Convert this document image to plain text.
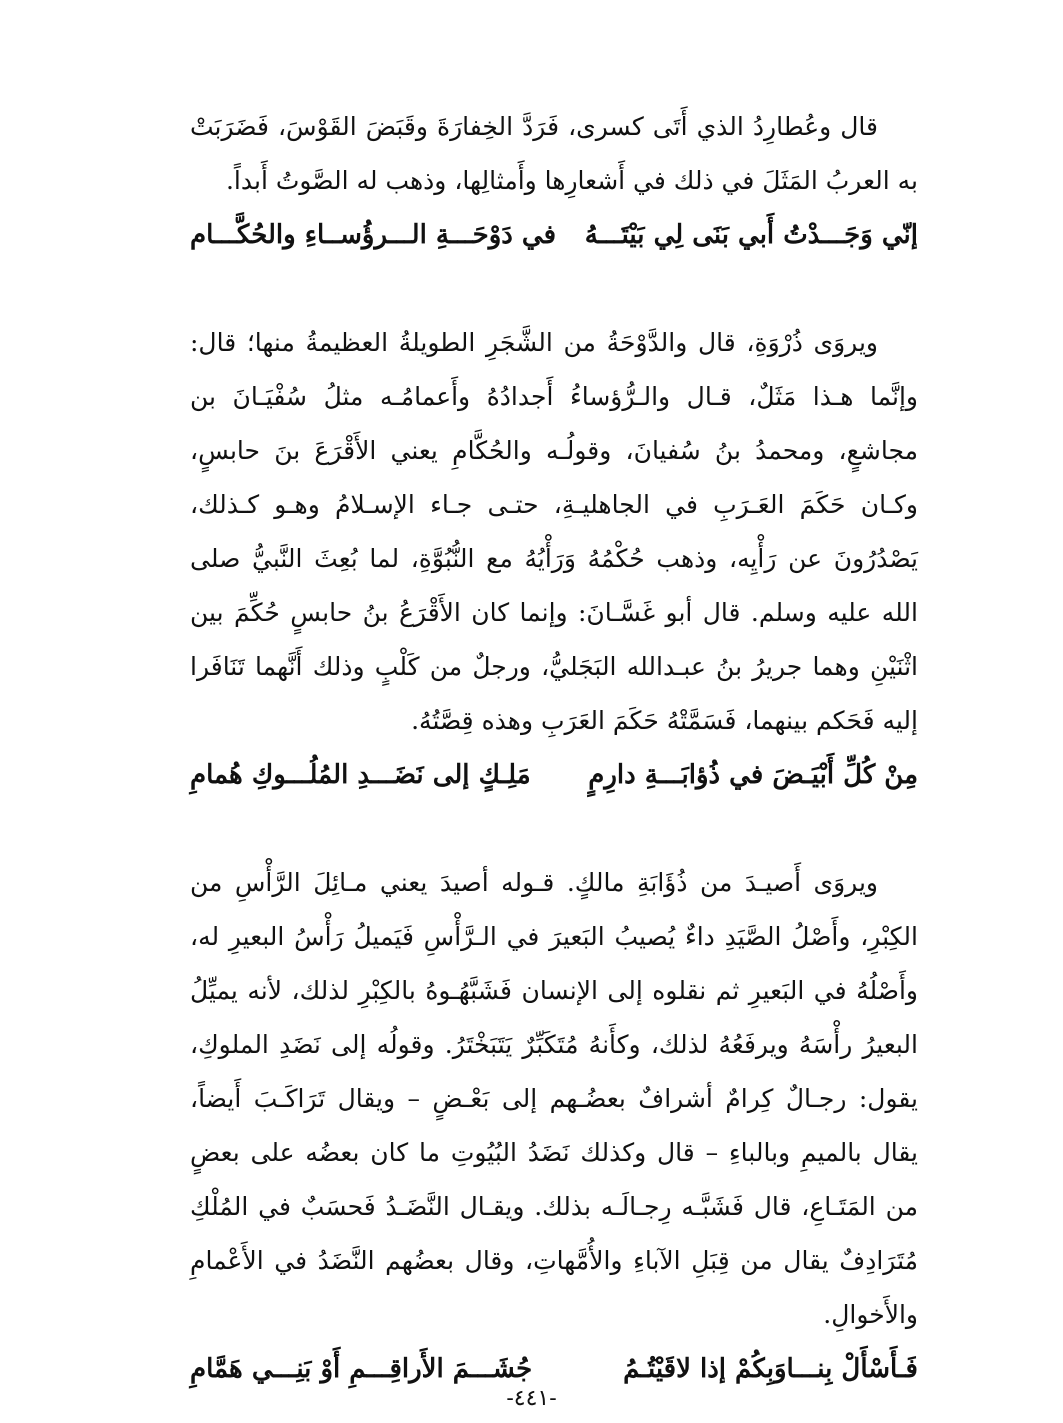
قال وعُطارِدُ الذي أَتَى كسرى، فَرَدَّ الخِفارَةَ وقَبَضَ القَوْسَ، فَضَرَبَتْ به العربُ المَثَلَ في ذلك في أَشعارِها وأَمثالِها، وذهب له الصَّوتُ أَبداً.

إنّي وَجَـــدْتُ أَبي بَنَى لِي بَيْتَـــهُ
في دَوْحَـــةِ الـــرؤُســاءِ والحُكَّـــام

ويروَى ذُرْوَةِ، قال والدَّوْحَةُ من الشَّجَرِ الطويلةُ العظيمةُ منها؛ قال: وإنَّما هـذا مَثَلٌ، قـال والـرُّؤساءُ أَجدادُهُ وأَعمامُـه مثلُ سُفْيَـانَ بن مجاشعٍ، ومحمدُ بنُ سُفيانَ، وقولُـه والحُكَّامِ يعني الأَقْرَعَ بنَ حابسٍ، وكـان حَكَمَ العَـرَبِ في الجاهليـةِ، حتـى جـاء الإسـلامُ وهـو كـذلك، يَصْدُرُونَ عن رَأْيِه، وذهب حُكْمُهُ وَرَأْيُهُ مع النُّبُوَّةِ، لما بُعِثَ النَّبيُّ صلى الله عليه وسلم. قال أبو غَسَّـانَ: وإنما كان الأَقْرَعُ بنُ حابسٍ حُكِّمَ بين اثْنَيْنِ وهما جريرُ بنُ عبـدالله البَجَليُّ، ورجلٌ من كَلْبٍ وذلك أَنَّهما تَنَافَرا إليه فَحَكم بينهما، فَسَمَّتْهُ حَكَمَ العَرَبِ وهذه قِصَّتُهُ.

مِنْ كُلِّ أَبْيَـضَ في ذُؤابَـــةِ دارِمٍ
مَلِـكٍ إلى نَضَـــدِ المُلُـــوكِ هُمامِ

ويروَى أَصيـدَ من ذُؤَابَةِ مالكٍ. قـوله أصيدَ يعني مـائِلَ الرَّأْسِ من الكِبْرِ، وأَصْلُ الصَّيَدِ داءٌ يُصيبُ البَعيرَ في الـرَّأْسِ فَيَميلُ رَأْسُ البعيرِ له، وأَصْلُهُ في البَعيرِ ثم نقلوه إلى الإنسان فَشَبَّهُـوهُ بالكِبْرِ لذلك، لأنه يميِّلُ البعيرُ رأْسَهُ ويرفَعُهُ لذلك، وكأَنهُ مُتَكَبِّرٌ يَتَبَخْتَرُ. وقولُه إلى نَضَدِ الملوكِ، يقول: رجـالٌ كِرامٌ أشرافٌ بعضُـهم إلى بَعْـضٍ – ويقال تَرَاكَـبَ أَيضاً، يقال بالميمِ وبالباءِ – قال وكذلك نَضَدُ البُيُوتِ ما كان بعضُه على بعضٍ من المَتَـاعِ، قال فَشَبَّـه رِجـالَـه بذلك. ويقـال النَّضَـدُ فَحسَبٌ في المُلْكِ مُتَرَادِفٌ يقال من قِبَلِ الآباءِ والأُمَّهاتِ، وقال بعضُهم النَّضَدُ في الأَعْمامِ والأَخوالِ.

فَـأَسْأَلْ بِنـــاوَبِكُمْ إذا لاقَيْتُـمُ
جُشَـــمَ الأَراقِـــمِ أَوْ بَنِـــي هَمَّامِ
-٤٤١-
